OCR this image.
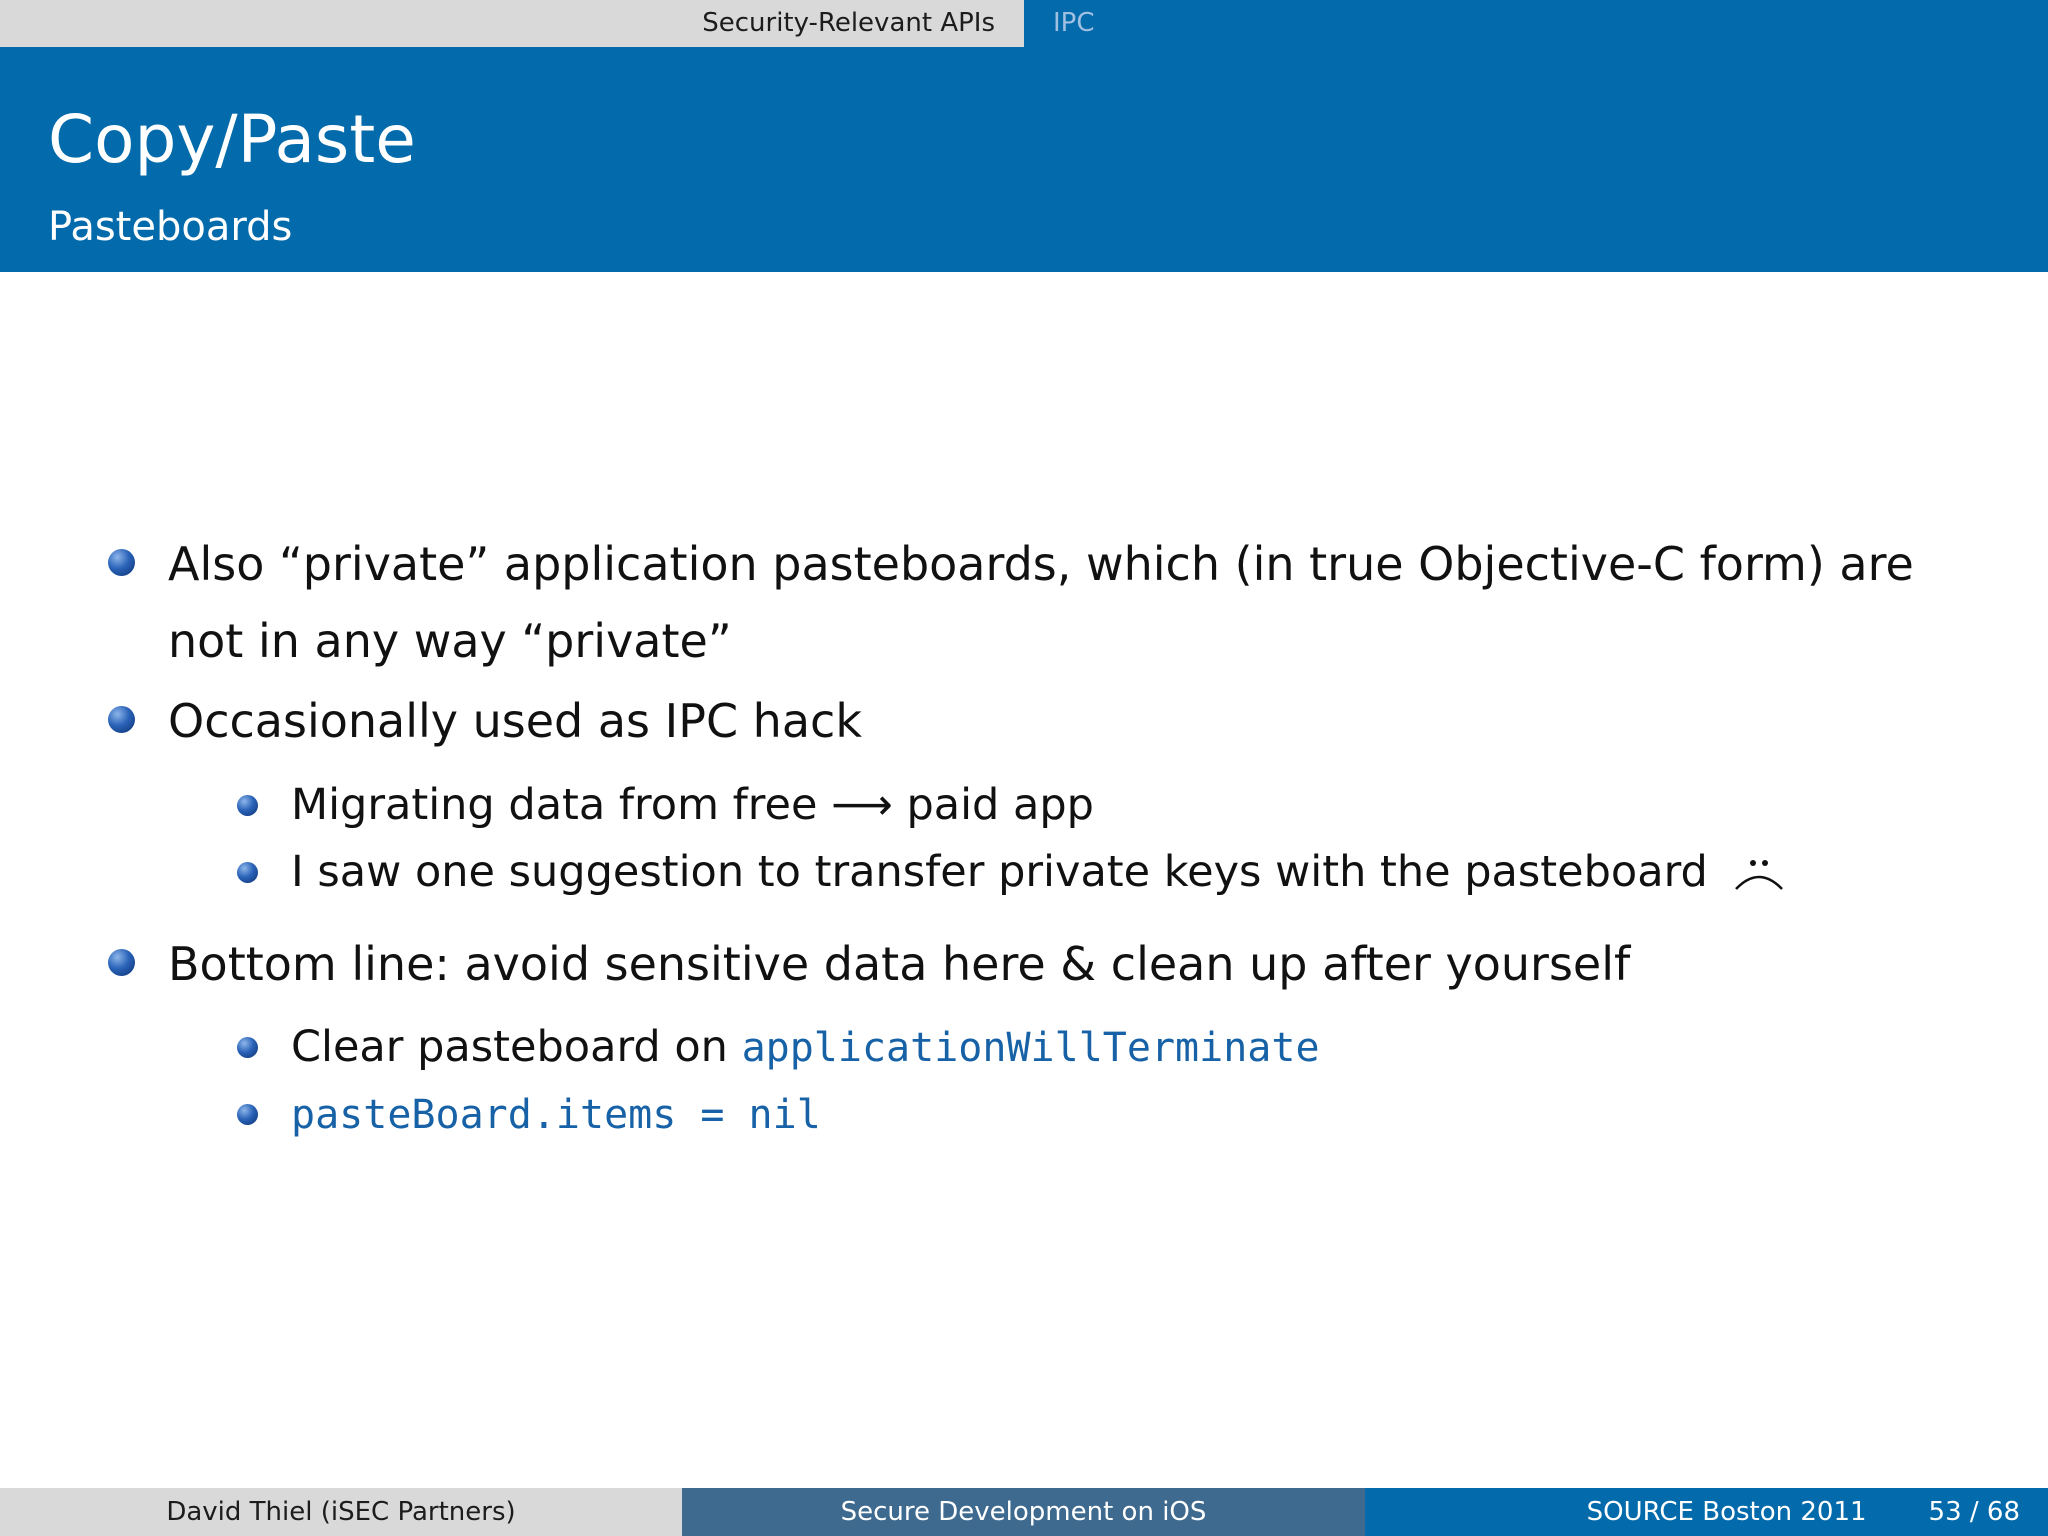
Security-Relevant APIs	IPC
Copy/Paste
Pasteboards
Also “private” application pasteboards, which (in true Objective-C form) are
not in any way “private”
Occasionally used as IPC hack
Migrating data from free ⟶ paid app
I saw one suggestion to transfer private keys with the pasteboard
Bottom line: avoid sensitive data here & clean up after yourself
Clear pasteboard on applicationWillTerminate
pasteBoard.items = nil
David Thiel (iSEC Partners)	Secure Development on iOS	SOURCE Boston 2011 53 / 68
